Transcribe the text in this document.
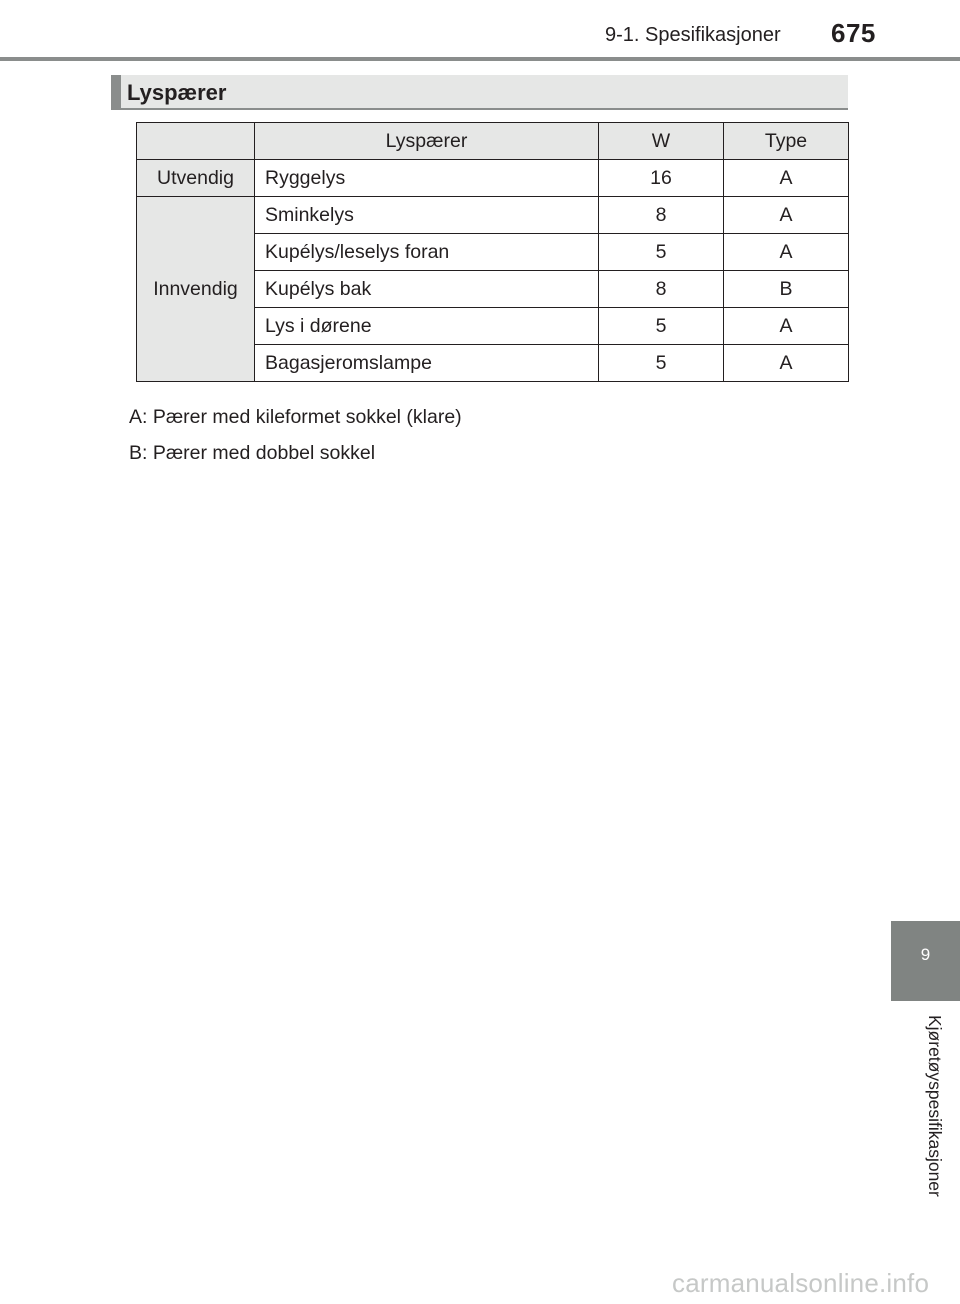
9-1. Spesifikasjoner 675
Lyspærer
	Lyspærer	W	Type
Utvendig	Ryggelys	16	A
Innvendig	Sminkelys	8	A
	Kupélys/leselys foran	5	A
	Kupélys bak	8	B
	Lys i dørene	5	A
	Bagasjeromslampe	5	A
A: Pærer med kileformet sokkel (klare)
B: Pærer med dobbel sokkel
9
Kjøretøyspesifikasjoner
carmanualsonline.info
